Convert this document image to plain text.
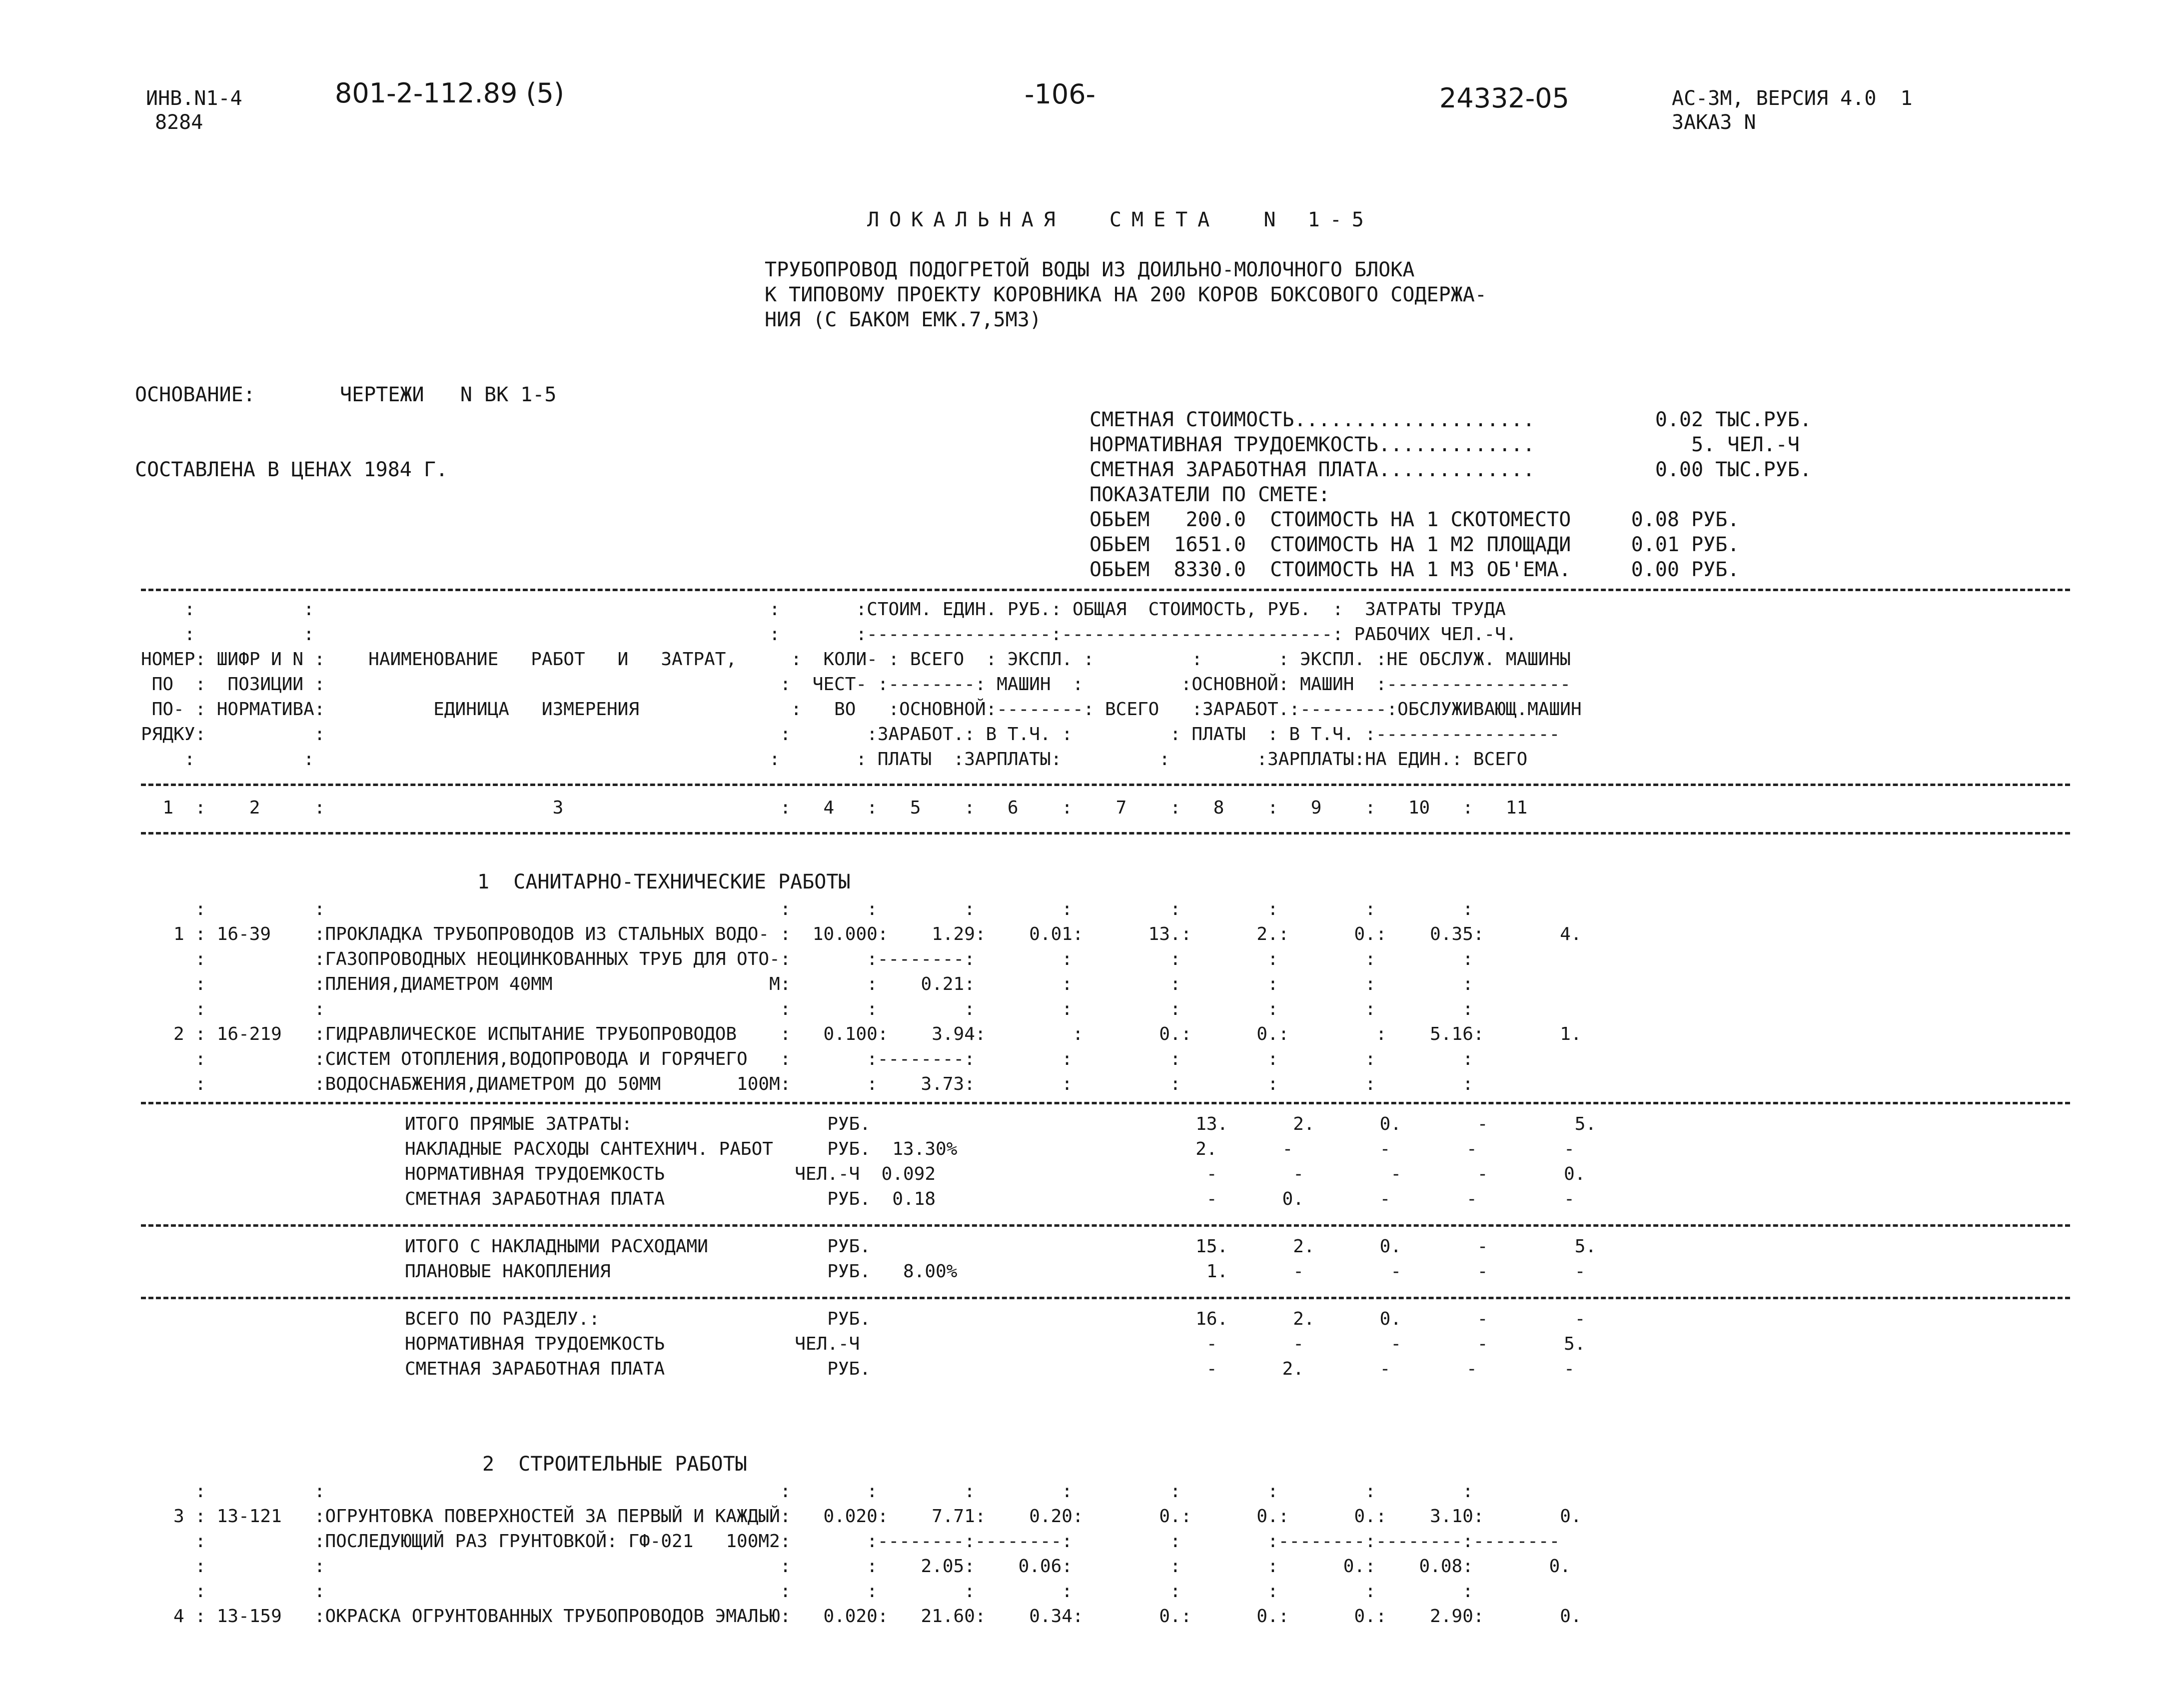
ИНВ.N1-4
8284
801-2-112.89 (5)	-106-	24332-05	АС-3М, ВЕРСИЯ 4.0  1
ЗАКАЗ N
ЛОКАЛЬНАЯ  СМЕТА  N 1-5
ТРУБОПРОВОД ПОДОГРЕТОЙ ВОДЫ ИЗ ДОИЛЬНО-МОЛОЧНОГО БЛОКА
К ТИПОВОМУ ПРОЕКТУ КОРОВНИКА НА 200 КОРОВ БОКСОВОГО СОДЕРЖА-
НИЯ (С БАКОМ ЕМК.7,5М3)
ОСНОВАНИЕ:	ЧЕРТЕЖИ   N ВК 1-5
СОСТАВЛЕНА В ЦЕНАХ 1984 Г.
СМЕТНАЯ СТОИМОСТЬ....................          0.02 ТЫС.РУБ.
НОРМАТИВНАЯ ТРУДОЕМКОСТЬ.............             5. ЧЕЛ.-Ч
СМЕТНАЯ ЗАРАБОТНАЯ ПЛАТА.............          0.00 ТЫС.РУБ.
ПОКАЗАТЕЛИ ПО СМЕТЕ:
ОБЬЕМ   200.0  СТОИМОСТЬ НА 1 СКОТОМЕСТО     0.08 РУБ.
ОБЬЕМ  1651.0  СТОИМОСТЬ НА 1 М2 ПЛОЩАДИ     0.01 РУБ.
ОБЬЕМ  8330.0  СТОИМОСТЬ НА 1 М3 ОБ'ЕМА.     0.00 РУБ.
:          :                                          :       :СТОИМ. ЕДИН. РУБ.: ОБЩАЯ  СТОИМОСТЬ, РУБ.  :  ЗАТРАТЫ ТРУДА
:          :                                          :       :-----------------:-------------------------: РАБОЧИХ ЧЕЛ.-Ч.
НОМЕР: ШИФР И N :    НАИМЕНОВАНИЕ   РАБОТ   И   ЗАТРАТ,     :  КОЛИ- : ВСЕГО  : ЭКСПЛ. :         :       : ЭКСПЛ. :НЕ ОБСЛУЖ. МАШИНЫ
ПО  :  ПОЗИЦИИ :                                          :  ЧЕСТ- :--------: МАШИН  :         :ОСНОВНОЙ: МАШИН  :-----------------
ПО- : НОРМАТИВА:          ЕДИНИЦА   ИЗМЕРЕНИЯ              :   ВО   :ОСНОВНОЙ:--------: ВСЕГО   :ЗАРАБОТ.:--------:ОБСЛУЖИВАЮЩ.МАШИН
РЯДКУ:          :                                          :       :ЗАРАБОТ.: В Т.Ч. :         : ПЛАТЫ  : В Т.Ч. :-----------------
:          :                                          :       : ПЛАТЫ  :ЗАРПЛАТЫ:         :        :ЗАРПЛАТЫ:НА ЕДИН.: ВСЕГО
1  :    2     :                     3                    :   4   :   5    :   6    :    7    :   8    :   9    :   10   :   11
1  САНИТАРНО-ТЕХНИЧЕСКИЕ РАБОТЫ
:          :                                          :       :        :        :         :        :        :        :
1 : 16-39    :ПРОКЛАДКА ТРУБОПРОВОДОВ ИЗ СТАЛЬНЫХ ВОДО- :  10.000:    1.29:    0.01:      13.:      2.:      0.:    0.35:       4.
:          :ГАЗОПРОВОДНЫХ НЕОЦИНКОВАННЫХ ТРУБ ДЛЯ ОТО-:       :--------:        :         :        :        :        :
:          :ПЛЕНИЯ,ДИАМЕТРОМ 40ММ                    М:       :    0.21:        :         :        :        :        :
:          :                                          :       :        :        :         :        :        :        :
2 : 16-219   :ГИДРАВЛИЧЕСКОЕ ИСПЫТАНИЕ ТРУБОПРОВОДОВ    :   0.100:    3.94:        :       0.:      0.:        :    5.16:       1.
:          :СИСТЕМ ОТОПЛЕНИЯ,ВОДОПРОВОДА И ГОРЯЧЕГО   :       :--------:        :         :        :        :        :
:          :ВОДОСНАБЖЕНИЯ,ДИАМЕТРОМ ДО 50ММ       100М:       :    3.73:        :         :        :        :        :
ИТОГО ПРЯМЫЕ ЗАТРАТЫ:                  РУБ.                              13.      2.      0.       -        5.
НАКЛАДНЫЕ РАСХОДЫ САНТЕХНИЧ. РАБОТ     РУБ.  13.30%                      2.      -        -       -        -
НОРМАТИВНАЯ ТРУДОЕМКОСТЬ            ЧЕЛ.-Ч  0.092                         -       -        -       -       0.
СМЕТНАЯ ЗАРАБОТНАЯ ПЛАТА               РУБ.  0.18                         -      0.       -       -        -
ИТОГО С НАКЛАДНЫМИ РАСХОДАМИ           РУБ.                              15.      2.      0.       -        5.
ПЛАНОВЫЕ НАКОПЛЕНИЯ                    РУБ.   8.00%                       1.      -        -       -        -
ВСЕГО ПО РАЗДЕЛУ.:                     РУБ.                              16.      2.      0.       -        -
НОРМАТИВНАЯ ТРУДОЕМКОСТЬ            ЧЕЛ.-Ч                                -       -        -       -       5.
СМЕТНАЯ ЗАРАБОТНАЯ ПЛАТА               РУБ.                               -      2.       -       -        -
2  СТРОИТЕЛЬНЫЕ РАБОТЫ
:          :                                          :       :        :        :         :        :        :        :
3 : 13-121   :ОГРУНТОВКА ПОВЕРХНОСТЕЙ ЗА ПЕРВЫЙ И КАЖДЫЙ:   0.020:    7.71:    0.20:       0.:      0.:      0.:    3.10:       0.
:          :ПОСЛЕДУЮЩИЙ РАЗ ГРУНТОВКОЙ: ГФ-021   100М2:       :--------:--------:         :        :--------:--------:--------
:          :                                          :       :    2.05:    0.06:         :        :      0.:    0.08:       0.
:          :                                          :       :        :        :         :        :        :        :
4 : 13-159   :ОКРАСКА ОГРУНТОВАННЫХ ТРУБОПРОВОДОВ ЭМАЛЬЮ:   0.020:   21.60:    0.34:       0.:      0.:      0.:    2.90:       0.
